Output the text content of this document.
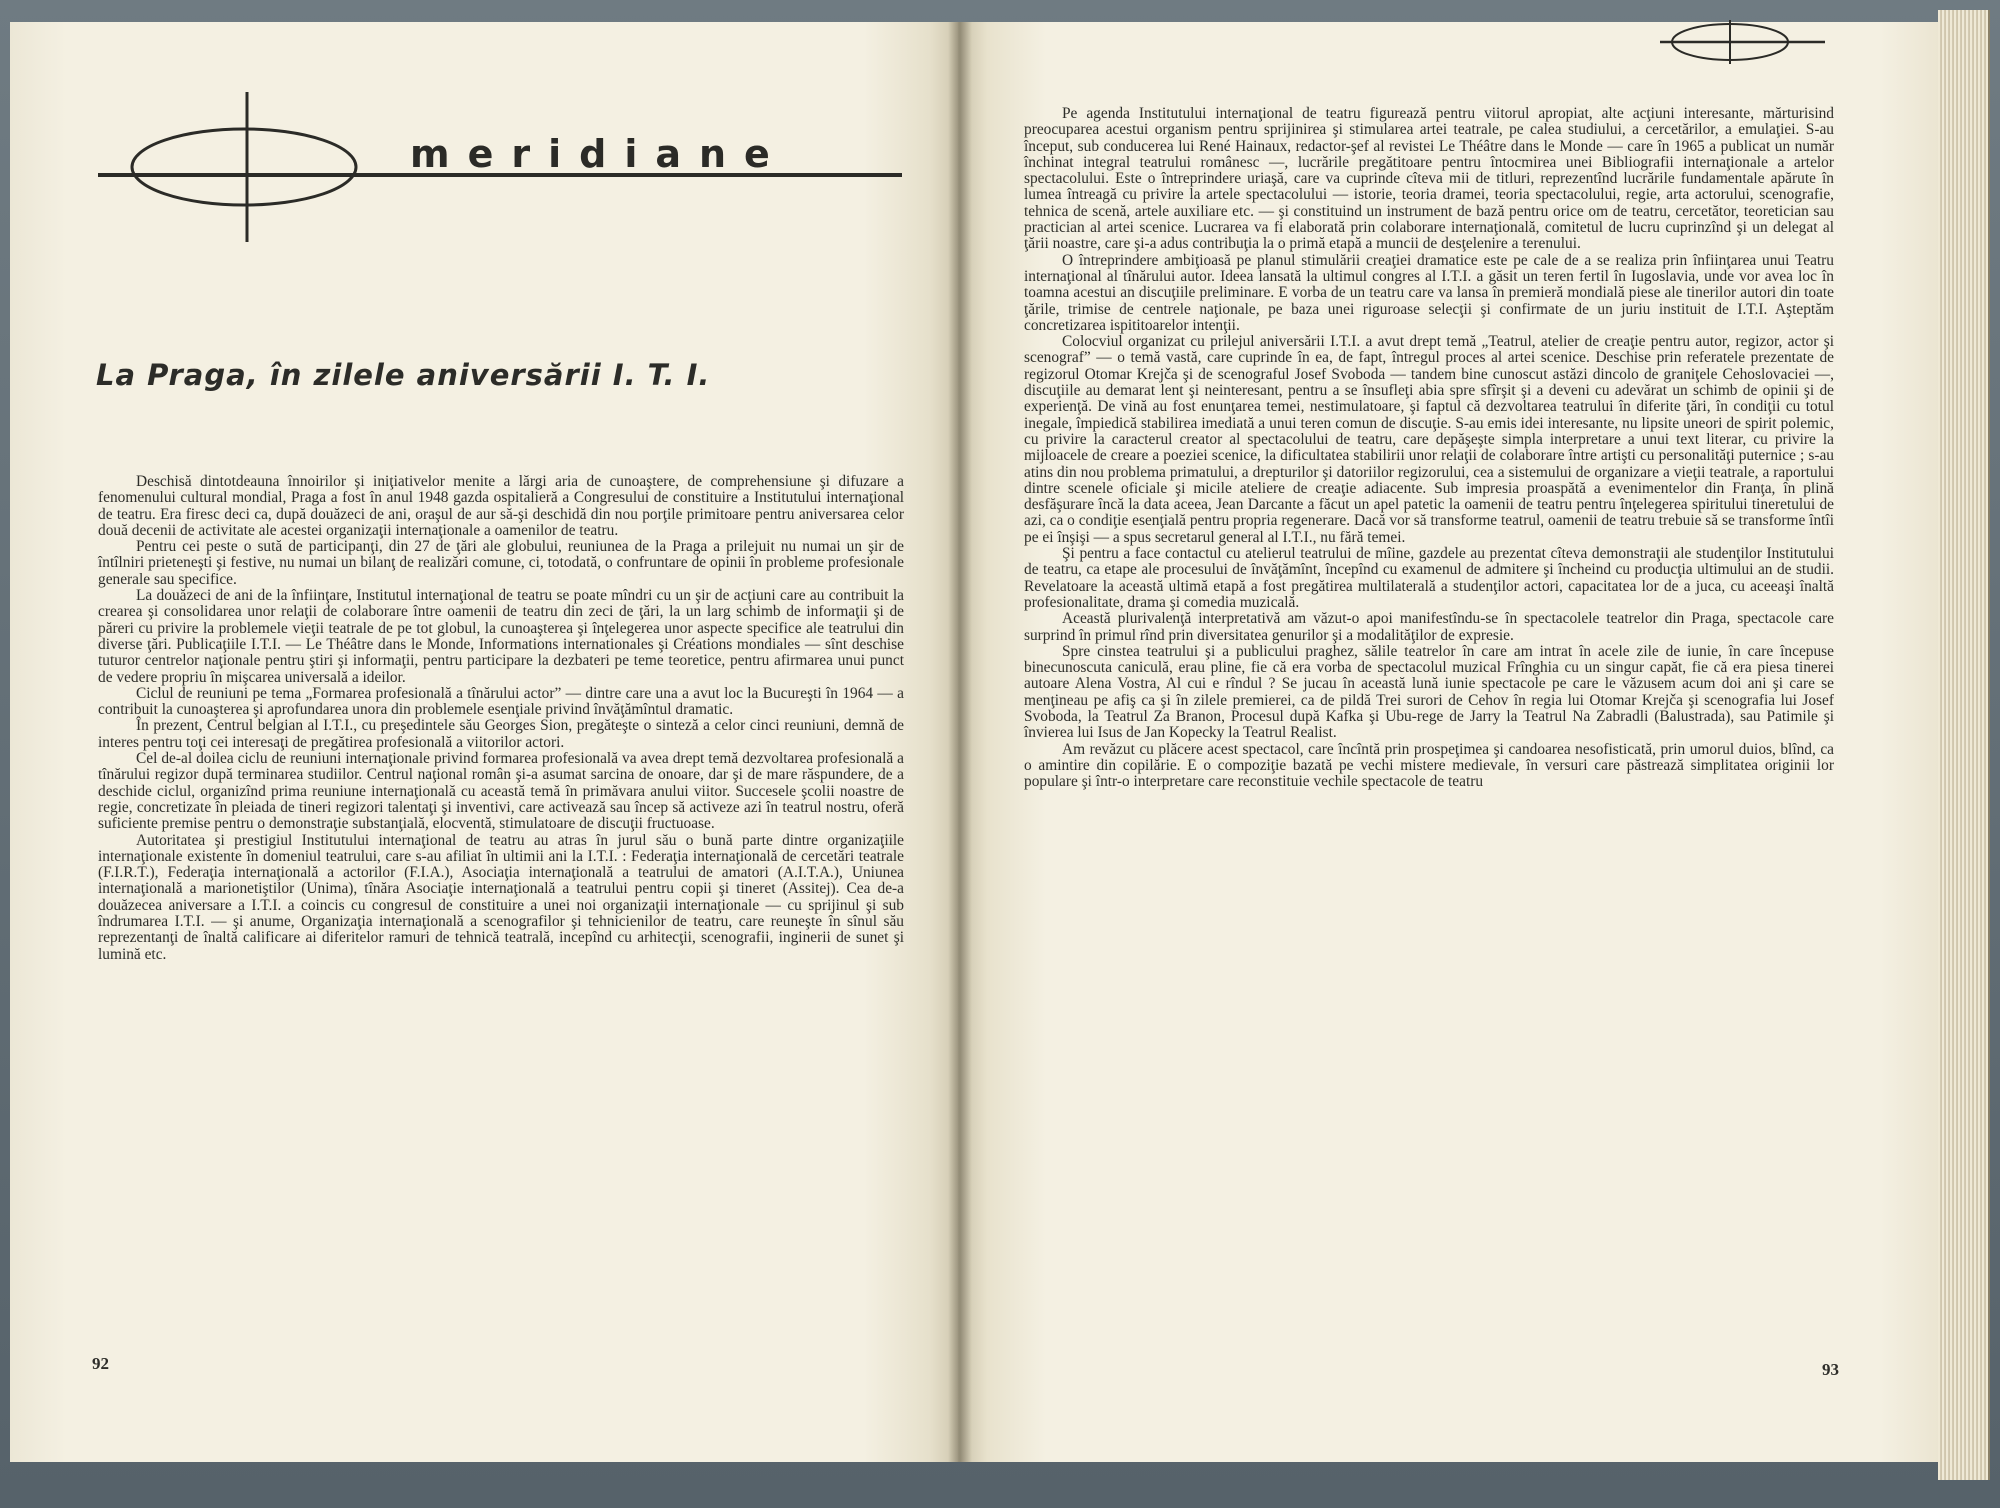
meridiane
La Praga, în zilele aniversării I. T. I.

Deschisă dintotdeauna înnoirilor şi iniţiativelor menite a lărgi aria de cunoaştere, de comprehensiune şi difuzare a fenomenului cultural mondial, Praga a fost în anul 1948 gazda ospitalieră a Congresului de constituire a Institutului internaţional de teatru. Era firesc deci ca, după douăzeci de ani, oraşul de aur să-şi deschidă din nou porţile primitoare pentru aniversarea celor două decenii de activitate ale acestei organizaţii internaţionale a oamenilor de teatru.

Pentru cei peste o sută de participanţi, din 27 de ţări ale globului, reuniunea de la Praga a prilejuit nu numai un şir de întîlniri prieteneşti şi festive, nu numai un bilanţ de realizări comune, ci, totodată, o confruntare de opinii în probleme profesionale generale sau specifice.

La douăzeci de ani de la înfiinţare, Institutul internaţional de teatru se poate mîndri cu un şir de acţiuni care au contribuit la crearea şi consolidarea unor relaţii de colaborare între oamenii de teatru din zeci de ţări, la un larg schimb de informaţii şi de păreri cu privire la problemele vieţii teatrale de pe tot globul, la cunoaşterea şi înţelegerea unor aspecte specifice ale teatrului din diverse ţări. Publicaţiile I.T.I. — Le Théâtre dans le Monde, Informations internationales şi Créations mondiales — sînt deschise tuturor centrelor naţionale pentru ştiri şi informaţii, pentru participare la dezbateri pe teme teoretice, pentru afirmarea unui punct de vedere propriu în mişcarea universală a ideilor.

Ciclul de reuniuni pe tema „Formarea profesională a tînărului actor” — dintre care una a avut loc la Bucureşti în 1964 — a contribuit la cunoaşterea şi aprofundarea unora din problemele esenţiale privind învăţămîntul dramatic.

În prezent, Centrul belgian al I.T.I., cu preşedintele său Georges Sion, pregăteşte o sinteză a celor cinci reuniuni, demnă de interes pentru toţi cei interesaţi de pregătirea profesională a viitorilor actori.

Cel de-al doilea ciclu de reuniuni internaţionale privind formarea profesională va avea drept temă dezvoltarea profesională a tînărului regizor după terminarea studiilor. Centrul naţional român şi-a asumat sarcina de onoare, dar şi de mare răspundere, de a deschide ciclul, organizînd prima reuniune internaţională cu această temă în primăvara anului viitor. Succesele şcolii noastre de regie, concretizate în pleiada de tineri regizori talentaţi şi inventivi, care activează sau încep să activeze azi în teatrul nostru, oferă suficiente premise pentru o demonstraţie substanţială, elocventă, stimulatoare de discuţii fructuoase.

Autoritatea şi prestigiul Institutului internaţional de teatru au atras în jurul său o bună parte dintre organizaţiile internaţionale existente în domeniul teatrului, care s-au afiliat în ultimii ani la I.T.I. : Federaţia internaţională de cercetări teatrale (F.I.R.T.), Federaţia internaţională a actorilor (F.I.A.), Asociaţia internaţională a teatrului de amatori (A.I.T.A.), Uniunea internaţională a marionetiştilor (Unima), tînăra Asociaţie internaţională a teatrului pentru copii şi tineret (Assitej). Cea de-a douăzecea aniversare a I.T.I. a coincis cu congresul de constituire a unei noi organizaţii internaţionale — cu sprijinul şi sub îndrumarea I.T.I. — şi anume, Organizaţia internaţională a scenografilor şi tehnicienilor de teatru, care reuneşte în sînul său reprezentanţi de înaltă calificare ai diferitelor ramuri de tehnică teatrală, incepînd cu arhitecţii, scenografii, inginerii de sunet şi lumină etc.

Pe agenda Institutului internaţional de teatru figurează pentru viitorul apropiat, alte acţiuni interesante, mărturisind preocuparea acestui organism pentru sprijinirea şi stimularea artei teatrale, pe calea studiului, a cercetărilor, a emulaţiei. S-au început, sub conducerea lui René Hainaux, redactor-şef al revistei Le Théâtre dans le Monde — care în 1965 a publicat un număr închinat integral teatrului românesc —, lucrările pregătitoare pentru întocmirea unei Bibliografii internaţionale a artelor spectacolului. Este o întreprindere uriaşă, care va cuprinde cîteva mii de titluri, reprezentînd lucrările fundamentale apărute în lumea întreagă cu privire la artele spectacolului — istorie, teoria dramei, teoria spectacolului, regie, arta actorului, scenografie, tehnica de scenă, artele auxiliare etc. — şi constituind un instrument de bază pentru orice om de teatru, cercetător, teoretician sau practician al artei scenice. Lucrarea va fi elaborată prin colaborare internaţională, comitetul de lucru cuprinzînd şi un delegat al ţării noastre, care şi-a adus contribuţia la o primă etapă a muncii de desţelenire a terenului.

O întreprindere ambiţioasă pe planul stimulării creaţiei dramatice este pe cale de a se realiza prin înfiinţarea unui Teatru internaţional al tînărului autor. Ideea lansată la ultimul congres al I.T.I. a găsit un teren fertil în Iugoslavia, unde vor avea loc în toamna acestui an discuţiile preliminare. E vorba de un teatru care va lansa în premieră mondială piese ale tinerilor autori din toate ţările, trimise de centrele naţionale, pe baza unei riguroase selecţii şi confirmate de un juriu instituit de I.T.I. Aşteptăm concretizarea ispititoarelor intenţii.

Colocviul organizat cu prilejul aniversării I.T.I. a avut drept temă „Teatrul, atelier de creaţie pentru autor, regizor, actor şi scenograf” — o temă vastă, care cuprinde în ea, de fapt, întregul proces al artei scenice. Deschise prin referatele prezentate de regizorul Otomar Krejča şi de scenograful Josef Svoboda — tandem bine cunoscut astăzi dincolo de graniţele Cehoslovaciei —, discuţiile au demarat lent şi neinteresant, pentru a se însufleţi abia spre sfîrşit şi a deveni cu adevărat un schimb de opinii şi de experienţă. De vină au fost enunţarea temei, nestimulatoare, şi faptul că dezvoltarea teatrului în diferite ţări, în condiţii cu totul inegale, împiedică stabilirea imediată a unui teren comun de discuţie. S-au emis idei interesante, nu lipsite uneori de spirit polemic, cu privire la caracterul creator al spectacolului de teatru, care depăşeşte simpla interpretare a unui text literar, cu privire la mijloacele de creare a poeziei scenice, la dificultatea stabilirii unor relaţii de colaborare între artişti cu personalităţi puternice ; s-au atins din nou problema primatului, a drepturilor şi datoriilor regizorului, cea a sistemului de organizare a vieţii teatrale, a raportului dintre scenele oficiale şi micile ateliere de creaţie adiacente. Sub impresia proaspătă a evenimentelor din Franţa, în plină desfăşurare încă la data aceea, Jean Darcante a făcut un apel patetic la oamenii de teatru pentru înţelegerea spiritului tineretului de azi, ca o condiţie esenţială pentru propria regenerare. Dacă vor să transforme teatrul, oamenii de teatru trebuie să se transforme întîi pe ei înşişi — a spus secretarul general al I.T.I., nu fără temei.

Şi pentru a face contactul cu atelierul teatrului de mîine, gazdele au prezentat cîteva demonstraţii ale studenţilor Institutului de teatru, ca etape ale procesului de învăţămînt, începînd cu examenul de admitere şi încheind cu producţia ultimului an de studii. Revelatoare la această ultimă etapă a fost pregătirea multilaterală a studenţilor actori, capacitatea lor de a juca, cu aceeaşi înaltă profesionalitate, drama şi comedia muzicală.

Această plurivalenţă interpretativă am văzut-o apoi manifestîndu-se în spectacolele teatrelor din Praga, spectacole care surprind în primul rînd prin diversitatea genurilor şi a modalităţilor de expresie.

Spre cinstea teatrului şi a publicului praghez, sălile teatrelor în care am intrat în acele zile de iunie, în care începuse binecunoscuta caniculă, erau pline, fie că era vorba de spectacolul muzical Frînghia cu un singur capăt, fie că era piesa tinerei autoare Alena Vostra, Al cui e rîndul ? Se jucau în această lună iunie spectacole pe care le văzusem acum doi ani şi care se menţineau pe afiş ca şi în zilele premierei, ca de pildă Trei surori de Cehov în regia lui Otomar Krejča şi scenografia lui Josef Svoboda, la Teatrul Za Branon, Procesul după Kafka şi Ubu-rege de Jarry la Teatrul Na Zabradli (Balustrada), sau Patimile şi învierea lui Isus de Jan Kopecky la Teatrul Realist.

Am revăzut cu plăcere acest spectacol, care încîntă prin prospeţimea şi candoarea nesofisticată, prin umorul duios, blînd, ca o amintire din copilărie. E o compoziţie bazată pe vechi mistere medievale, în versuri care păstrează simplitatea originii lor populare şi într-o interpretare care reconstituie vechile spectacole de teatru

92	93
